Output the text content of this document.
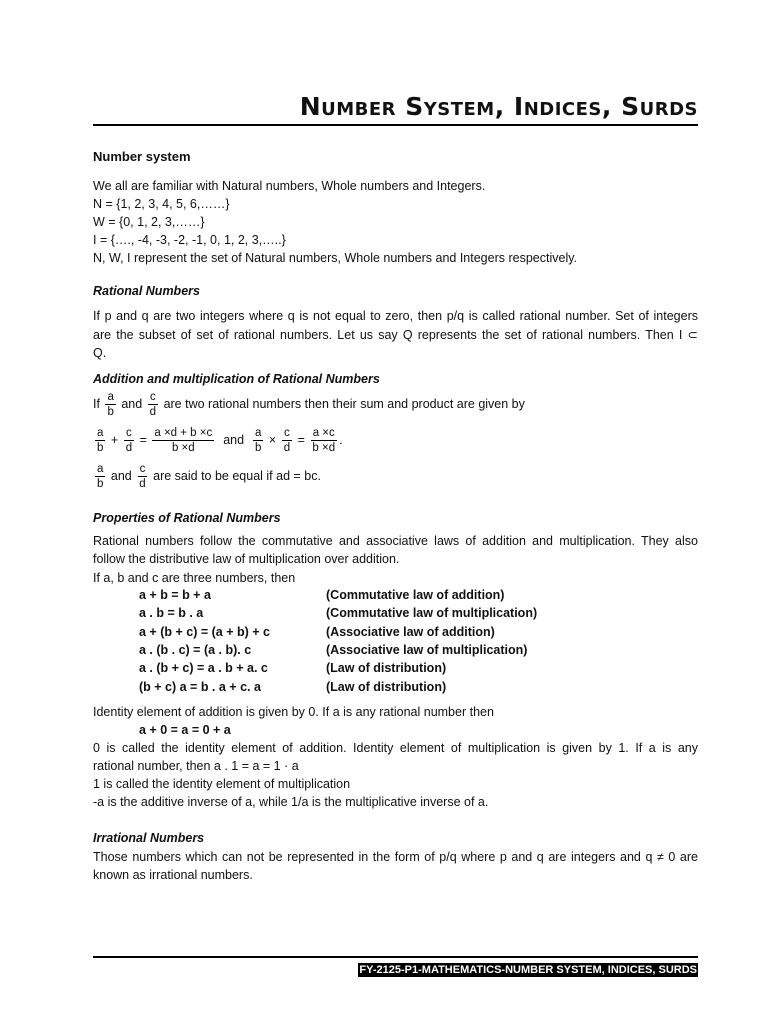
Number System, Indices, Surds
Number system
We all are familiar with Natural numbers, Whole numbers and Integers.
N = {1, 2, 3, 4, 5, 6,……}
W = {0, 1, 2, 3,……}
I = {…., -4, -3, -2, -1, 0, 1, 2, 3,…..}
N, W, I represent the set of Natural numbers, Whole numbers and Integers respectively.
Rational Numbers
If p and q are two integers where q is not equal to zero, then p/q is called rational number. Set of integers
are the subset of set of rational numbers. Let us say Q represents the set of rational numbers. Then I ⊂
Q.
Addition and multiplication of Rational Numbers
If $\frac{a}{b}$ and $\frac{c}{d}$ are two rational numbers then their sum and product are given by
$\frac{a}{b} + \frac{c}{d} = \frac{a \times d + b \times c}{b \times d}$ and $\frac{a}{b} \times \frac{c}{d} = \frac{a \times c}{b \times d}$ .
$\frac{a}{b}$ and $\frac{c}{d}$ are said to be equal if ad = bc.
Properties of Rational Numbers
Rational numbers follow the commutative and associative laws of addition and multiplication. They also
follow the distributive law of multiplication over addition.
If a, b and c are three numbers, then
a + b = b + a	(Commutative law of addition)
a . b = b . a	(Commutative law of multiplication)
a + (b + c) = (a + b) + c	(Associative law of addition)
a . (b . c) = (a . b). c	(Associative law of multiplication)
a . (b + c) = a . b + a. c	(Law of distribution)
(b + c) a = b . a + c. a	(Law of distribution)
Identity element of addition is given by 0. If a is any rational number then
a + 0 = a = 0 + a
0 is called the identity element of addition. Identity element of multiplication is given by 1. If a is any
rational number, then a . 1 = a = 1 · a
1 is called the identity element of multiplication
-a is the additive inverse of a, while 1/a is the multiplicative inverse of a.
Irrational Numbers
Those numbers which can not be represented in the form of p/q where p and q are integers and q ≠ 0 are
known as irrational numbers.
FY-2125-P1-MATHEMATICS-NUMBER SYSTEM, INDICES, SURDS
